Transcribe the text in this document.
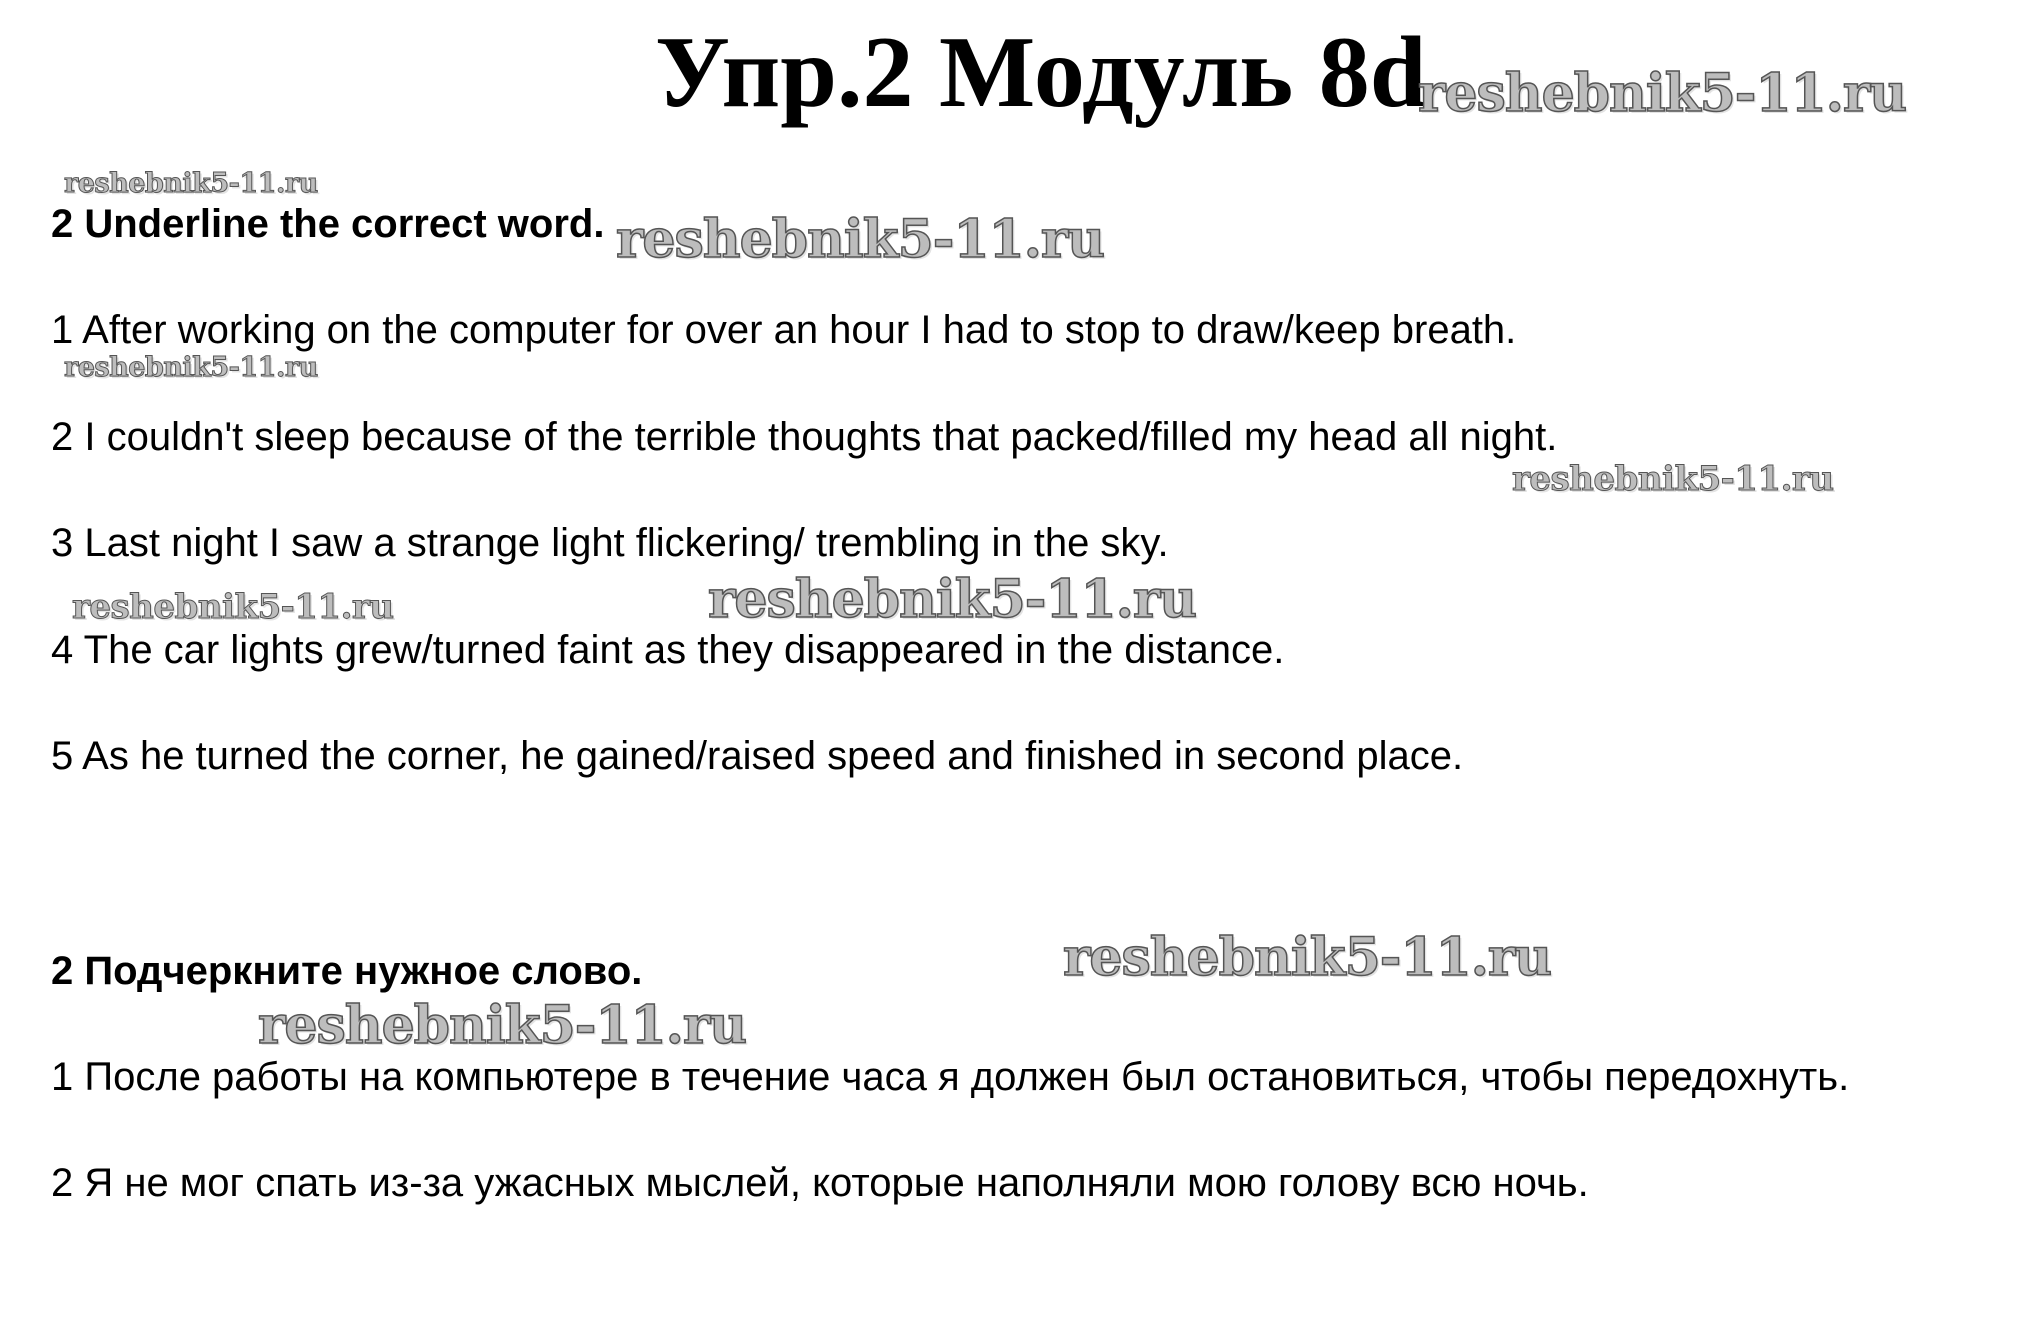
Упр.2 Модуль 8d
reshebnik5-11.ru
reshebnik5-11.ru
2 Underline the correct word. reshebnik5-11.ru
1 After working on the computer for over an hour I had to stop to draw/keep breath.
reshebnik5-11.ru
2 I couldn't sleep because of the terrible thoughts that packed/filled my head all night.
reshebnik5-11.ru
3 Last night I saw a strange light flickering/ trembling in the sky.
reshebnik5-11.ru	reshebnik5-11.ru
4 The car lights grew/turned faint as they disappeared in the distance.
5 As he turned the corner, he gained/raised speed and finished in second place.
reshebnik5-11.ru
2 Подчеркните нужное слово.
reshebnik5-11.ru
1 После работы на компьютере в течение часа я должен был остановиться, чтобы передохнуть.
2 Я не мог спать из-за ужасных мыслей, которые наполняли мою голову всю ночь.
